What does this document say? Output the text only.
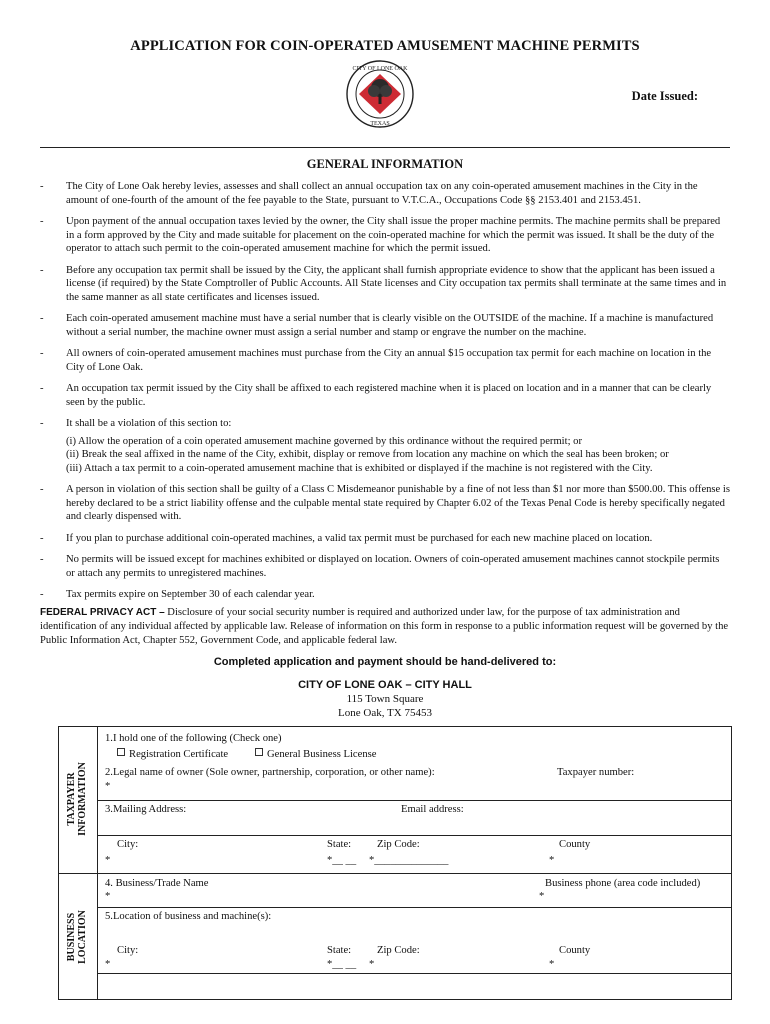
APPLICATION FOR COIN-OPERATED AMUSEMENT MACHINE PERMITS
CITY OF LONE OAK
TEXAS
Date Issued:
GENERAL INFORMATION
- The City of Lone Oak hereby levies, assesses and shall collect an annual occupation tax on any coin-operated amusement machines in the City in the amount of one-fourth of the amount of the fee payable to the State, pursuant to V.T.C.A., Occupations Code §§ 2153.401 and 2153.451.
- Upon payment of the annual occupation taxes levied by the owner, the City shall issue the proper machine permits. The machine permits shall be prepared in a form approved by the City and made suitable for placement on the coin-operated machine for which the permit was issued. It shall be the duty of the operator to attach such permit to the coin-operated amusement machine for which the permit issued.
- Before any occupation tax permit shall be issued by the City, the applicant shall furnish appropriate evidence to show that the applicant has been issued a license (if required) by the State Comptroller of Public Accounts. All State licenses and City occupation tax permits shall terminate at the same times and in the same manner as all state certificates and licenses issued.
- Each coin-operated amusement machine must have a serial number that is clearly visible on the OUTSIDE of the machine. If a machine is manufactured without a serial number, the machine owner must assign a serial number and stamp or engrave the number on the machine.
- All owners of coin-operated amusement machines must purchase from the City an annual $15 occupation tax permit for each machine on location in the City of Lone Oak.
- An occupation tax permit issued by the City shall be affixed to each registered machine when it is placed on location and in a manner that can be clearly seen by the public.
- It shall be a violation of this section to:
(i) Allow the operation of a coin operated amusement machine governed by this ordinance without the required permit; or
(ii) Break the seal affixed in the name of the City, exhibit, display or remove from location any machine on which the seal has been broken; or
(iii) Attach a tax permit to a coin-operated amusement machine that is exhibited or displayed if the machine is not registered with the City.
- A person in violation of this section shall be guilty of a Class C Misdemeanor punishable by a fine of not less than $1 nor more than $500.00. This offense is hereby declared to be a strict liability offense and the culpable mental state required by Chapter 6.02 of the Texas Penal Code is hereby specifically negated and clearly dispensed with.
- If you plan to purchase additional coin-operated machines, a valid tax permit must be purchased for each new machine placed on location.
- No permits will be issued except for machines exhibited or displayed on location. Owners of coin-operated amusement machines cannot stockpile permits or attach any permits to unregistered machines.
- Tax permits expire on September 30 of each calendar year.
FEDERAL PRIVACY ACT – Disclosure of your social security number is required and authorized under law, for the purpose of tax administration and identification of any individual affected by applicable law. Release of information on this form in response to a public information request will be governed by the Public Information Act, Chapter 552, Government Code, and applicable federal law.
Completed application and payment should be hand-delivered to:
CITY OF LONE OAK – CITY HALL
115 Town Square
Lone Oak, TX 75453
TAXPAYER INFORMATION
BUSINESS LOCATION
1.I hold one of the following (Check one)
Registration Certificate	General Business License
2.Legal name of owner (Sole owner, partnership, corporation, or other name):	Taxpayer number:
*
3.Mailing Address:	Email address:
City:	State: Zip Code:	County
*	*__ __ *______________	*
4. Business/Trade Name	Business phone (area code included)
*	*
5.Location of business and machine(s):
City:	State: Zip Code:	County
*	*__ __ *	*
